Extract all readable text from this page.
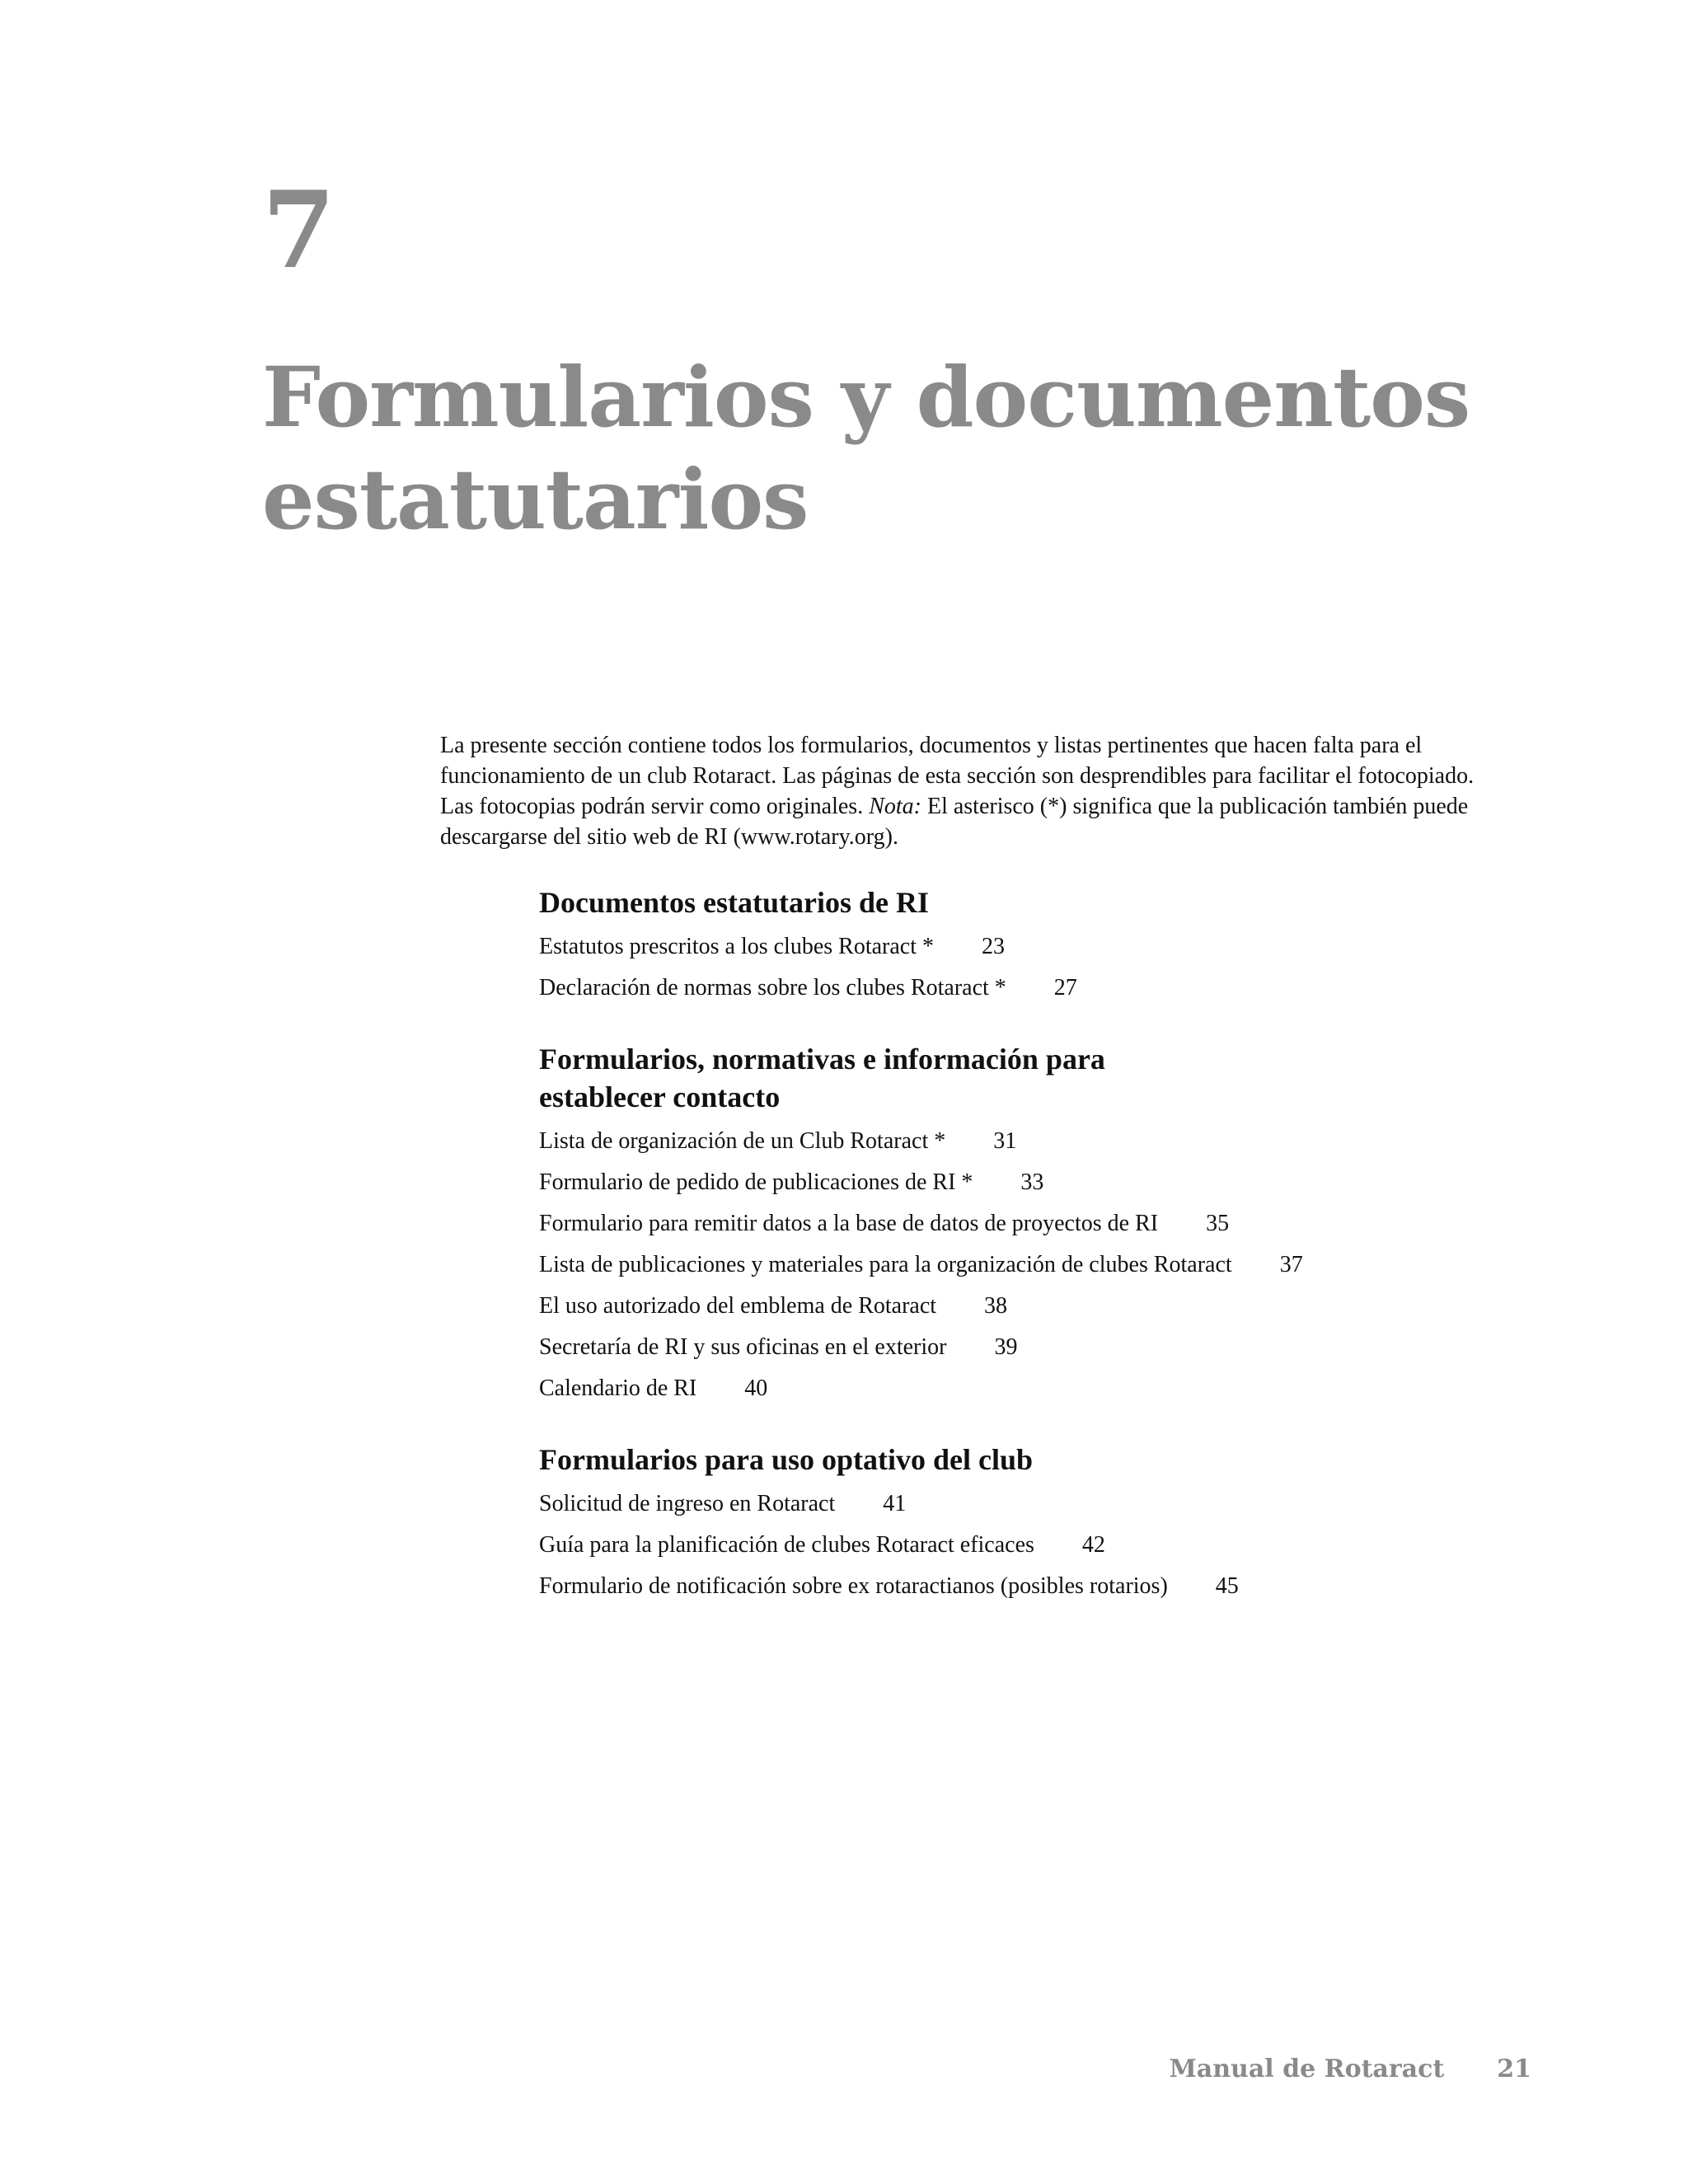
7
Formularios y documentos
estatutarios
La presente sección contiene todos los formularios, documentos y listas pertinentes que hacen falta para el
funcionamiento de un club Rotaract. Las páginas de esta sección son desprendibles para facilitar el fotocopiado.
Las fotocopias podrán servir como originales. Nota: El asterisco (*) significa que la publicación también puede
descargarse del sitio web de RI (www.rotary.org).
Documentos estatutarios de RI
Estatutos prescritos a los clubes Rotaract * 23
Declaración de normas sobre los clubes Rotaract * 27
Formularios, normativas e información para
establecer contacto
Lista de organización de un Club Rotaract * 31
Formulario de pedido de publicaciones de RI * 33
Formulario para remitir datos a la base de datos de proyectos de RI 35
Lista de publicaciones y materiales para la organización de clubes Rotaract 37
El uso autorizado del emblema de Rotaract 38
Secretaría de RI y sus oficinas en el exterior 39
Calendario de RI 40
Formularios para uso optativo del club
Solicitud de ingreso en Rotaract 41
Guía para la planificación de clubes Rotaract eficaces 42
Formulario de notificación sobre ex rotaractianos (posibles rotarios) 45
Manual de Rotaract 21
